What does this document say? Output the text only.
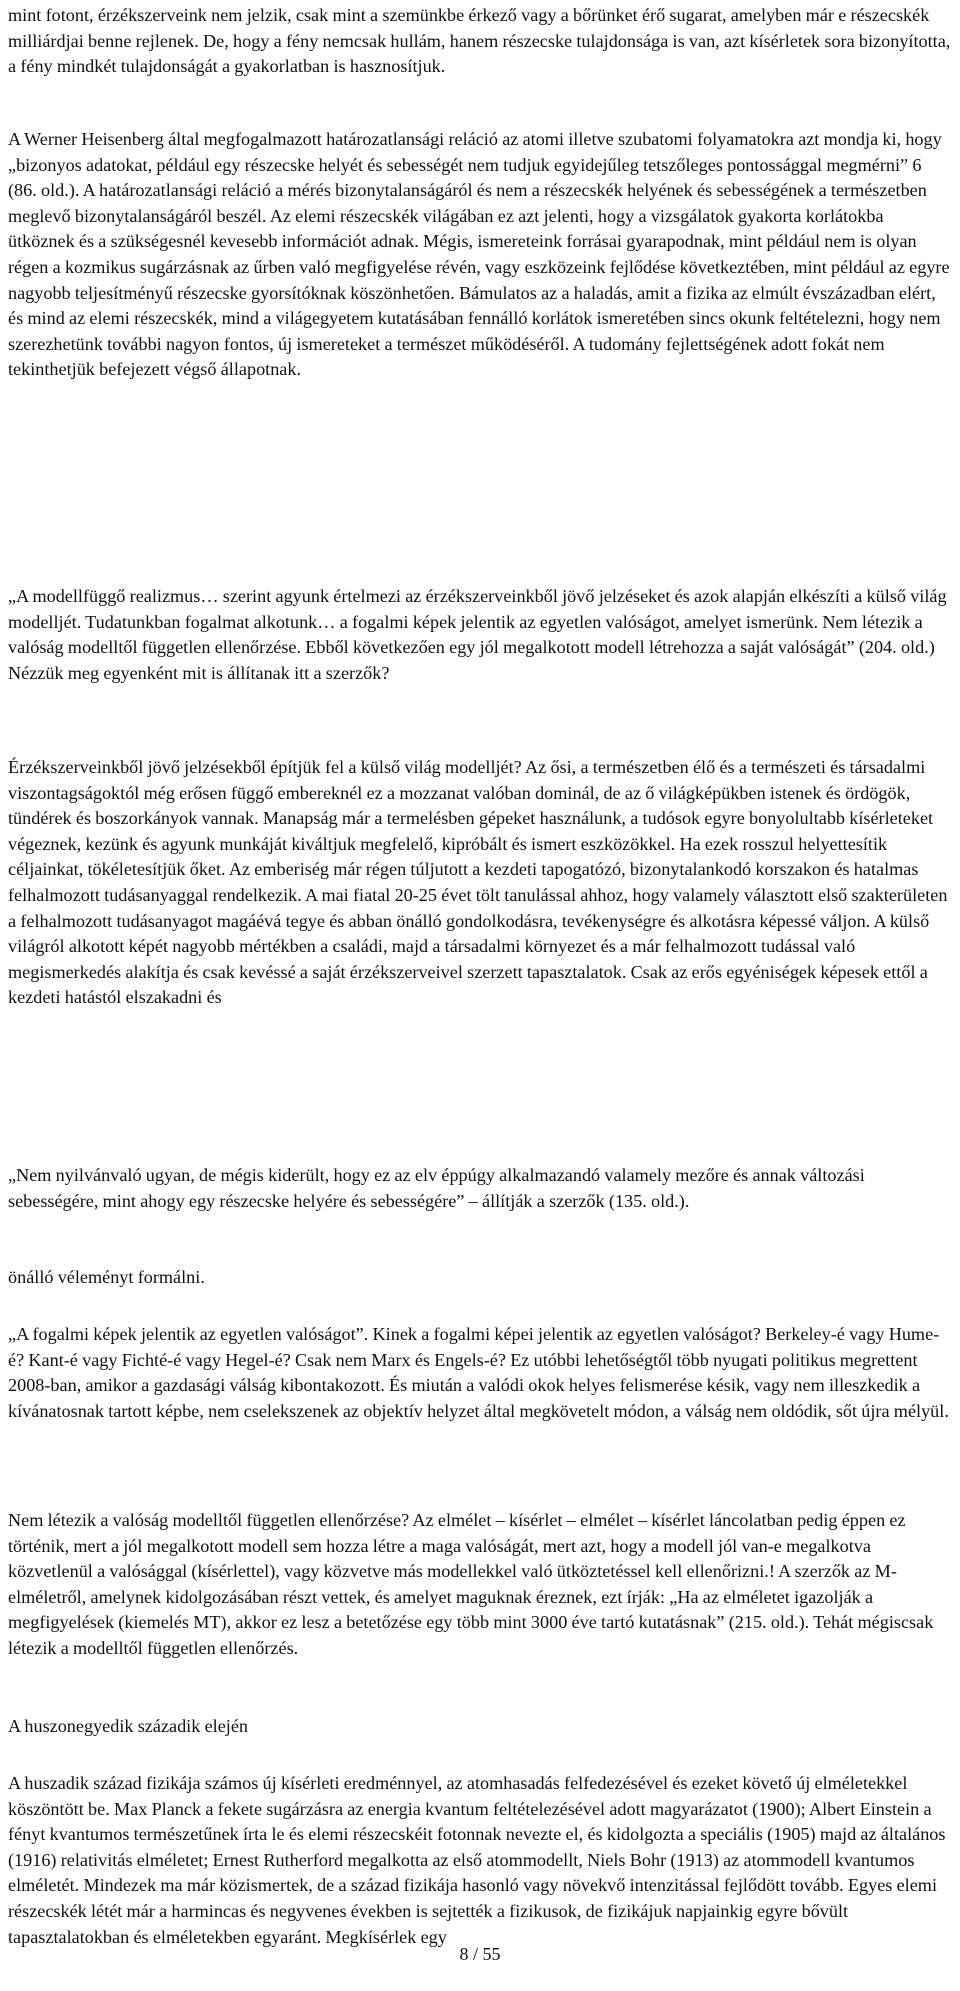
mint fotont, érzékszerveink nem jelzik, csak mint a szemünkbe érkező vagy a bőrünket érő sugarat, amelyben már e részecskék milliárdjai benne rejlenek. De, hogy a fény nemcsak hullám, hanem részecske tulajdonsága is van, azt kísérletek sora bizonyította, a fény mindkét tulajdonságát a gyakorlatban is hasznosítjuk.

A Werner Heisenberg által megfogalmazott határozatlansági reláció az atomi illetve szubatomi folyamatokra azt mondja ki, hogy „bizonyos adatokat, például egy részecske helyét és sebességét nem tudjuk egyidejűleg tetszőleges pontossággal megmérni” 6 (86. old.). A határozatlansági reláció a mérés bizonytalanságáról és nem a részecskék helyének és sebességének a természetben meglevő bizonytalanságáról beszél. Az elemi részecskék világában ez azt jelenti, hogy a vizsgálatok gyakorta korlátokba ütköznek és a szükségesnél kevesebb információt adnak. Mégis, ismereteink forrásai gyarapodnak, mint például nem is olyan régen a kozmikus sugárzásnak az űrben való megfigyelése révén, vagy eszközeink fejlődése következtében, mint például az egyre nagyobb teljesítményű részecske gyorsítóknak köszönhetően. Bámulatos az a haladás, amit a fizika az elmúlt évszázadban elért, és mind az elemi részecskék, mind a világegyetem kutatásában fennálló korlátok ismeretében sincs okunk feltételezni, hogy nem szerezhetünk további nagyon fontos, új ismereteket a természet működéséről. A tudomány fejlettségének adott fokát nem tekinthetjük befejezett végső állapotnak.

„A modellfüggő realizmus… szerint agyunk értelmezi az érzékszerveinkből jövő jelzéseket és azok alapján elkészíti a külső világ modelljét. Tudatunkban fogalmat alkotunk… a fogalmi képek jelentik az egyetlen valóságot, amelyet ismerünk. Nem létezik a valóság modelltől független ellenőrzése. Ebből következően egy jól megalkotott modell létrehozza a saját valóságát” (204. old.) Nézzük meg egyenként mit is állítanak itt a szerzők?

Érzékszerveinkből jövő jelzésekből építjük fel a külső világ modelljét? Az ősi, a természetben élő és a természeti és társadalmi viszontagságoktól még erősen függő embereknél ez a mozzanat valóban dominál, de az ő világképükben istenek és ördögök, tündérek és boszorkányok vannak. Manapság már a termelésben gépeket használunk, a tudósok egyre bonyolultabb kísérleteket végeznek, kezünk és agyunk munkáját kiváltjuk megfelelő, kipróbált és ismert eszközökkel. Ha ezek rosszul helyettesítik céljainkat, tökéletesítjük őket. Az emberiség már régen túljutott a kezdeti tapogatózó, bizonytalankodó korszakon és hatalmas felhalmozott tudásanyaggal rendelkezik. A mai fiatal 20-25 évet tölt tanulással ahhoz, hogy valamely választott első szakterületen a felhalmozott tudásanyagot magáévá tegye és abban önálló gondolkodásra, tevékenységre és alkotásra képessé váljon. A külső világról alkotott képét nagyobb mértékben a családi, majd a társadalmi környezet és a már felhalmozott tudással való megismerkedés alakítja és csak kevéssé a saját érzékszerveivel szerzett tapasztalatok. Csak az erős egyéniségek képesek ettől a kezdeti hatástól elszakadni és

„Nem nyilvánvaló ugyan, de mégis kiderült, hogy ez az elv éppúgy alkalmazandó valamely mezőre és annak változási sebességére, mint ahogy egy részecske helyére és sebességére” – állítják a szerzők (135. old.).

önálló véleményt formálni.

„A fogalmi képek jelentik az egyetlen valóságot”. Kinek a fogalmi képei jelentik az egyetlen valóságot? Berkeley-é vagy Hume-é? Kant-é vagy Fichté-é vagy Hegel-é? Csak nem Marx és Engels-é? Ez utóbbi lehetőségtől több nyugati politikus megrettent 2008-ban, amikor a gazdasági válság kibontakozott. És miután a valódi okok helyes felismerése késik, vagy nem illeszkedik a kívánatosnak tartott képbe, nem cselekszenek az objektív helyzet által megkövetelt módon, a válság nem oldódik, sőt újra mélyül.

Nem létezik a valóság modelltől független ellenőrzése? Az elmélet – kísérlet – elmélet – kísérlet láncolatban pedig éppen ez történik, mert a jól megalkotott modell sem hozza létre a maga valóságát, mert azt, hogy a modell jól van-e megalkotva közvetlenül a valósággal (kísérlettel), vagy közvetve más modellekkel való ütköztetéssel kell ellenőrizni.! A szerzők az M-elméletről, amelynek kidolgozásában részt vettek, és amelyet maguknak éreznek, ezt írják: „Ha az elméletet igazolják a megfigyelések (kiemelés MT), akkor ez lesz a betetőzése egy több mint 3000 éve tartó kutatásnak” (215. old.). Tehát mégiscsak létezik a modelltől független ellenőrzés.

A huszonegyedik századik elején

A huszadik század fizikája számos új kísérleti eredménnyel, az atomhasadás felfedezésével és ezeket követő új elméletekkel köszöntött be. Max Planck a fekete sugárzásra az energia kvantum feltételezésével adott magyarázatot (1900); Albert Einstein a fényt kvantumos természetűnek írta le és elemi részecskéit fotonnak nevezte el, és kidolgozta a speciális (1905) majd az általános (1916) relativitás elméletet; Ernest Rutherford megalkotta az első atommodellt, Niels Bohr (1913) az atommodell kvantumos elméletét. Mindezek ma már közismertek, de a század fizikája hasonló vagy növekvő intenzitással fejlődött tovább. Egyes elemi részecskék létét már a harmincas és negyvenes években is sejtették a fizikusok, de fizikájuk napjainkig egyre bővült tapasztalatokban és elméletekben egyaránt. Megkísérlek egy

8 / 55
